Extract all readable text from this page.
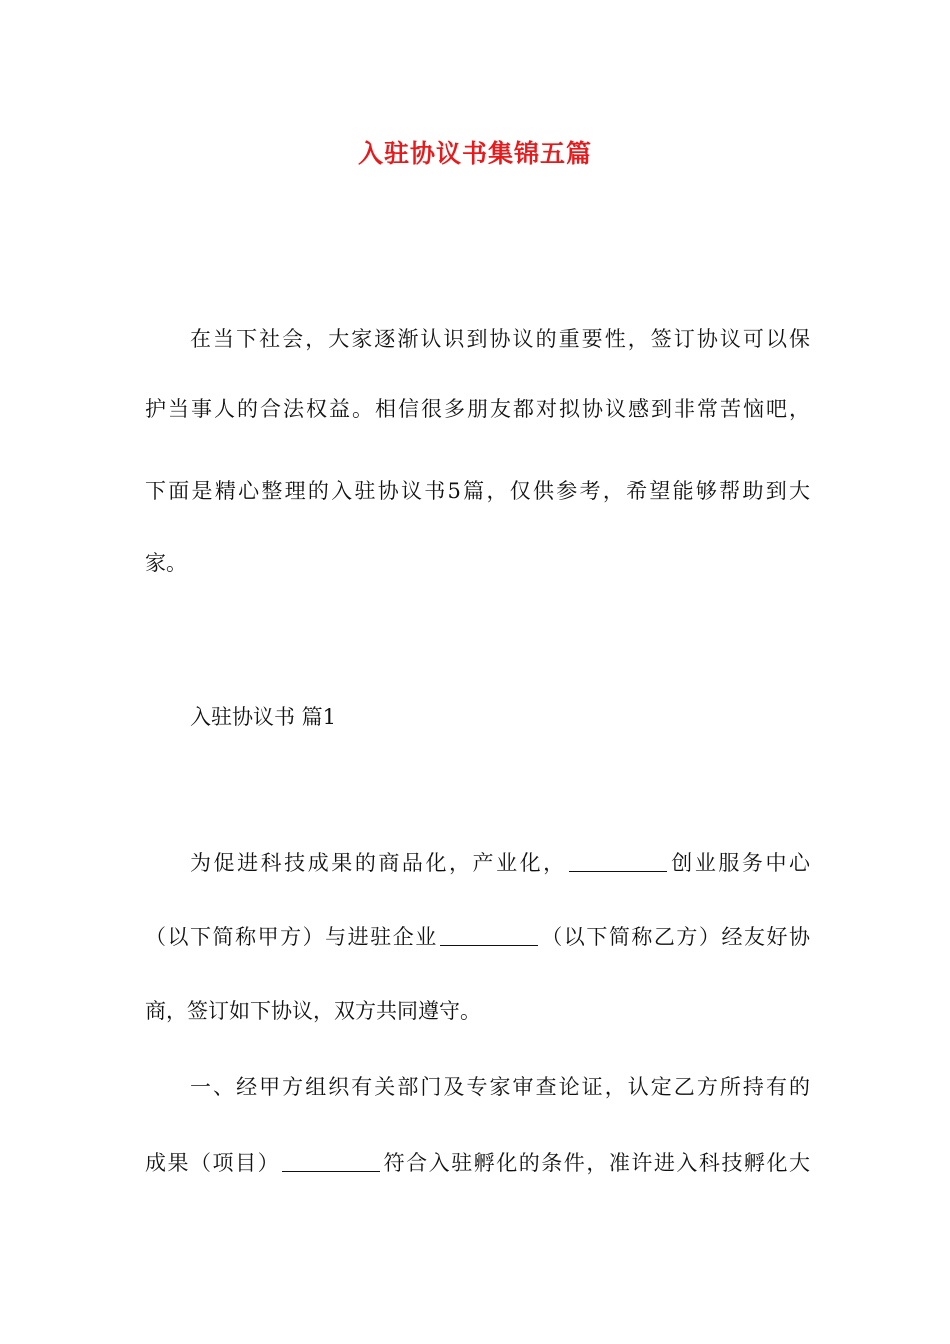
入驻协议书集锦五篇

在当下社会，大家逐渐认识到协议的重要性，签订协议可以保

护当事人的合法权益。相信很多朋友都对拟协议感到非常苦恼吧，

下面是精心整理的入驻协议书5篇，仅供参考，希望能够帮助到大

家。

入驻协议书 篇1

为促进科技成果的商品化，产业化，	创业服务中心

（以下简称甲方）与进驻企业	（以下简称乙方）经友好协

商，签订如下协议，双方共同遵守。

一、经甲方组织有关部门及专家审查论证，认定乙方所持有的

成果（项目）	符合入驻孵化的条件，准许进入科技孵化大
